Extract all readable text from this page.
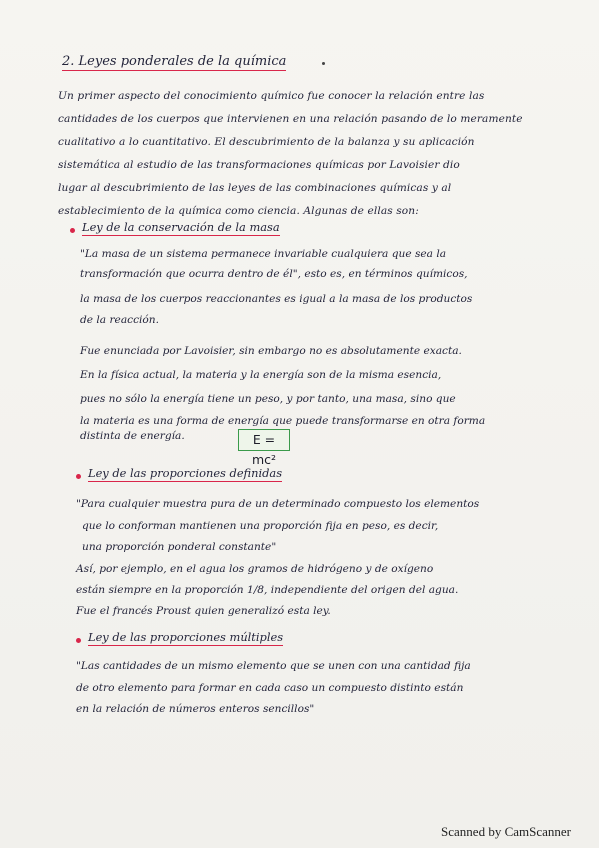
2. Leyes ponderales de la química
Un primer aspecto del conocimiento químico fue conocer la relación entre las
cantidades de los cuerpos que intervienen en una relación pasando de lo meramente
cualitativo a lo cuantitativo. El descubrimiento de la balanza y su aplicación
sistemática al estudio de las transformaciones químicas por Lavoisier dio
lugar al descubrimiento de las leyes de las combinaciones químicas y al
establecimiento de la química como ciencia. Algunas de ellas son:
Ley de la conservación de la masa
"La masa de un sistema permanece invariable cualquiera que sea la
transformación que ocurra dentro de él", esto es, en términos químicos,
la masa de los cuerpos reaccionantes es igual a la masa de los productos
de la reacción.
Fue enunciada por Lavoisier, sin embargo no es absolutamente exacta.
En la física actual, la materia y la energía son de la misma esencia,
pues no sólo la energía tiene un peso, y por tanto, una masa, sino que
la materia es una forma de energía que puede transformarse en otra forma
distinta de energía.	E = mc²
Ley de las proporciones definidas
"Para cualquier muestra pura de un determinado compuesto los elementos
que lo conforman mantienen una proporción fija en peso, es decir,
una proporción ponderal constante"
Así, por ejemplo, en el agua los gramos de hidrógeno y de oxígeno
están siempre en la proporción 1/8, independiente del origen del agua.
Fue el francés Proust quien generalizó esta ley.
Ley de las proporciones múltiples
"Las cantidades de un mismo elemento que se unen con una cantidad fija
de otro elemento para formar en cada caso un compuesto distinto están
en la relación de números enteros sencillos"
Scanned by CamScanner
